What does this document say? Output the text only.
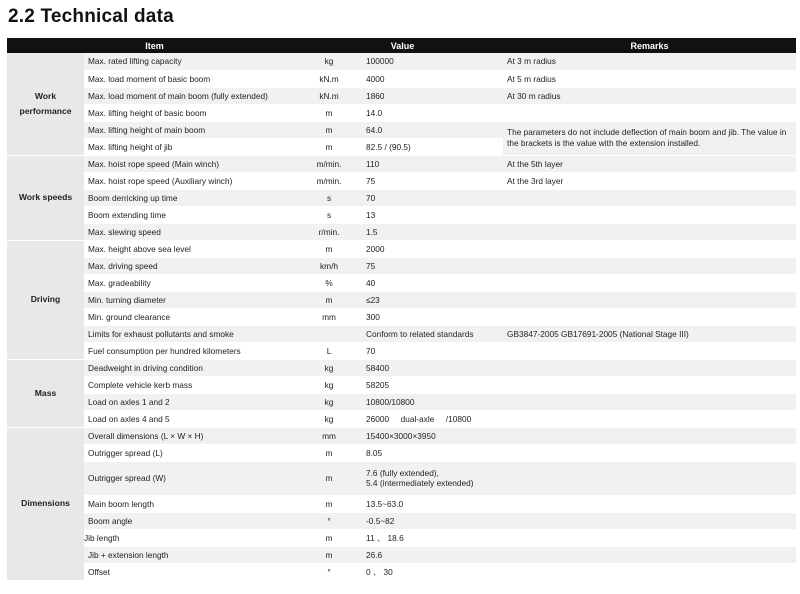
2.2 Technical data
Item		Value		Remarks
Work performance	Max. rated lifting capacity	kg	100000	At 3 m radius
	Max. load moment of basic boom	kN.m	4000	At 5 m radius
	Max. load moment of main boom (fully extended)	kN.m	1860	At 30 m radius
	Max. lifting height of basic boom	m	14.0	
	Max. lifting height of main boom	m	64.0	The parameters do not include deflection of main boom and jib. The value in the brackets is the value with the extension installed.
	Max. lifting height of jib	m	82.5 / (90.5)	
Work speeds	Max. hoist rope speed (Main winch)	m/min.	110	At the 5th layer
	Max. hoist rope speed (Auxiliary winch)	m/min.	75	At the 3rd layer
	Boom derricking up time	s	70	
	Boom extending time	s	13	
	Max. slewing speed	r/min.	1.5	
Driving	Max. height above sea level	m	2000	
	Max. driving speed	km/h	75	
	Max. gradeability	%	40	
	Min. turning diameter	m	≤23	
	Min. ground clearance	mm	300	
	Limits for exhaust pollutants and smoke		Conform to related standards	GB3847-2005 GB17691-2005 (National Stage III)
	Fuel consumption per hundred kilometers	L	70	
Mass	Deadweight in driving condition	kg	58400	
	Complete vehicle kerb mass	kg	58205	
	Load on axles 1 and 2	kg	10800/10800	
	Load on axles 4 and 5	kg	26000     dual-axle     /10800	
Dimensions	Overall dimensions (L × W × H)	mm	15400×3000×3950	
	Outrigger spread (L)	m	8.05	
	Outrigger spread (W)	m	7.6 (fully extended),
5.4 (intermediately extended)	

	Main boom length	m	13.5~63.0	
	Boom angle	°	-0.5~82	
	Jib length	m	11 、 18.6	
	Jib + extension length	m	26.6	
	Offset	°	0 、 30	
